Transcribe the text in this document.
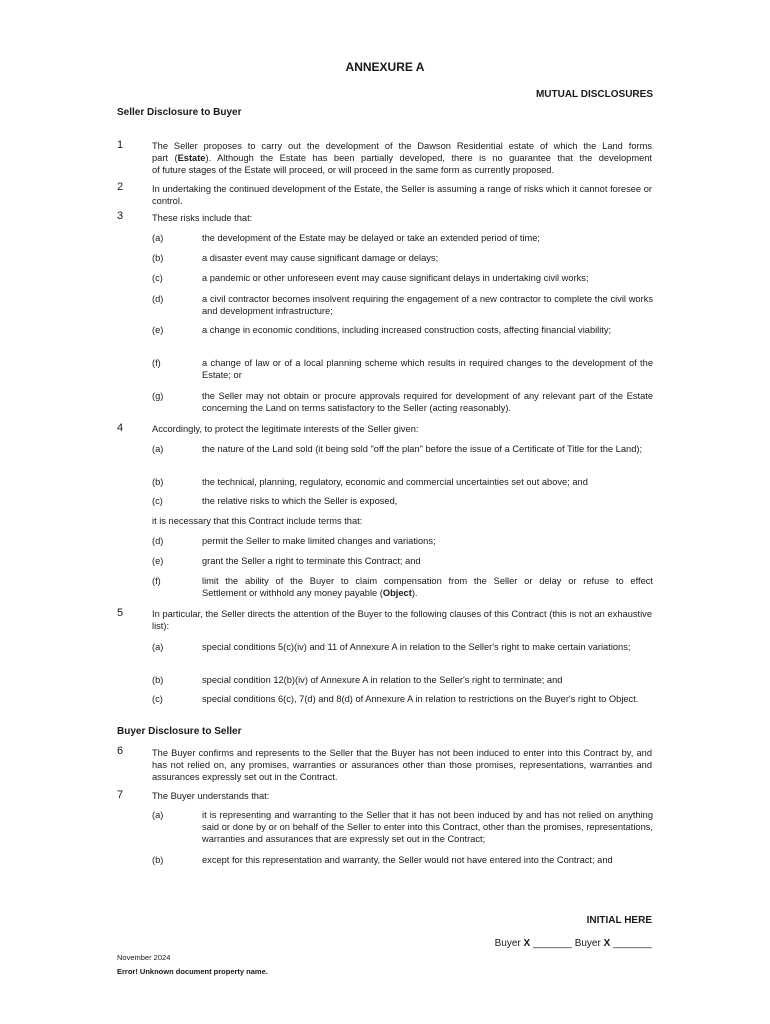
ANNEXURE A
MUTUAL DISCLOSURES
Seller Disclosure to Buyer
1	The Seller proposes to carry out the development of the Dawson Residential estate of which the Land forms
part (Estate). Although the Estate has been partially developed, there is no guarantee that the development
of future stages of the Estate will proceed, or will proceed in the same form as currently proposed.
2	In undertaking the continued development of the Estate, the Seller is assuming a range of risks which it cannot foresee or control.
3	These risks include that:
(a)	the development of the Estate may be delayed or take an extended period of time;
(b)	a disaster event may cause significant damage or delays;
(c)	a pandemic or other unforeseen event may cause significant delays in undertaking civil works;
(d)	a civil contractor becomes insolvent requiring the engagement of a new contractor to complete the civil works and development infrastructure;
(e)	a change in economic conditions, including increased construction costs, affecting financial viability;
(f)	a change of law or of a local planning scheme which results in required changes to the development of the Estate; or
(g)	the Seller may not obtain or procure approvals required for development of any relevant part of the Estate concerning the Land on terms satisfactory to the Seller (acting reasonably).
4	Accordingly, to protect the legitimate interests of the Seller given:
(a)	the nature of the Land sold (it being sold "off the plan" before the issue of a Certificate of Title for the Land);
(b)	the technical, planning, regulatory, economic and commercial uncertainties set out above; and
(c)	the relative risks to which the Seller is exposed,
it is necessary that this Contract include terms that:
(d)	permit the Seller to make limited changes and variations;
(e)	grant the Seller a right to terminate this Contract; and
(f)	limit the ability of the Buyer to claim compensation from the Seller or delay or refuse to effect
Settlement or withhold any money payable (Object).
5	In particular, the Seller directs the attention of the Buyer to the following clauses of this Contract (this is not an exhaustive list):
(a)	special conditions 5(c)(iv) and 11 of Annexure A in relation to the Seller's right to make certain variations;
(b)	special condition 12(b)(iv) of Annexure A in relation to the Seller's right to terminate; and
(c)	special conditions 6(c), 7(d) and 8(d) of Annexure A in relation to restrictions on the Buyer's right to Object.
Buyer Disclosure to Seller
6	The Buyer confirms and represents to the Seller that the Buyer has not been induced to enter into this Contract by, and has not relied on, any promises, warranties or assurances other than those promises, representations, warranties and assurances expressly set out in the Contract.
7	The Buyer understands that:
(a)	it is representing and warranting to the Seller that it has not been induced by and has not relied on anything said or done by or on behalf of the Seller to enter into this Contract, other than the promises, representations, warranties and assurances that are expressly set out in the Contract;
(b)	except for this representation and warranty, the Seller would not have entered into the Contract; and
INITIAL HERE
Buyer X _______ Buyer X _______
November 2024
Error! Unknown document property name.
